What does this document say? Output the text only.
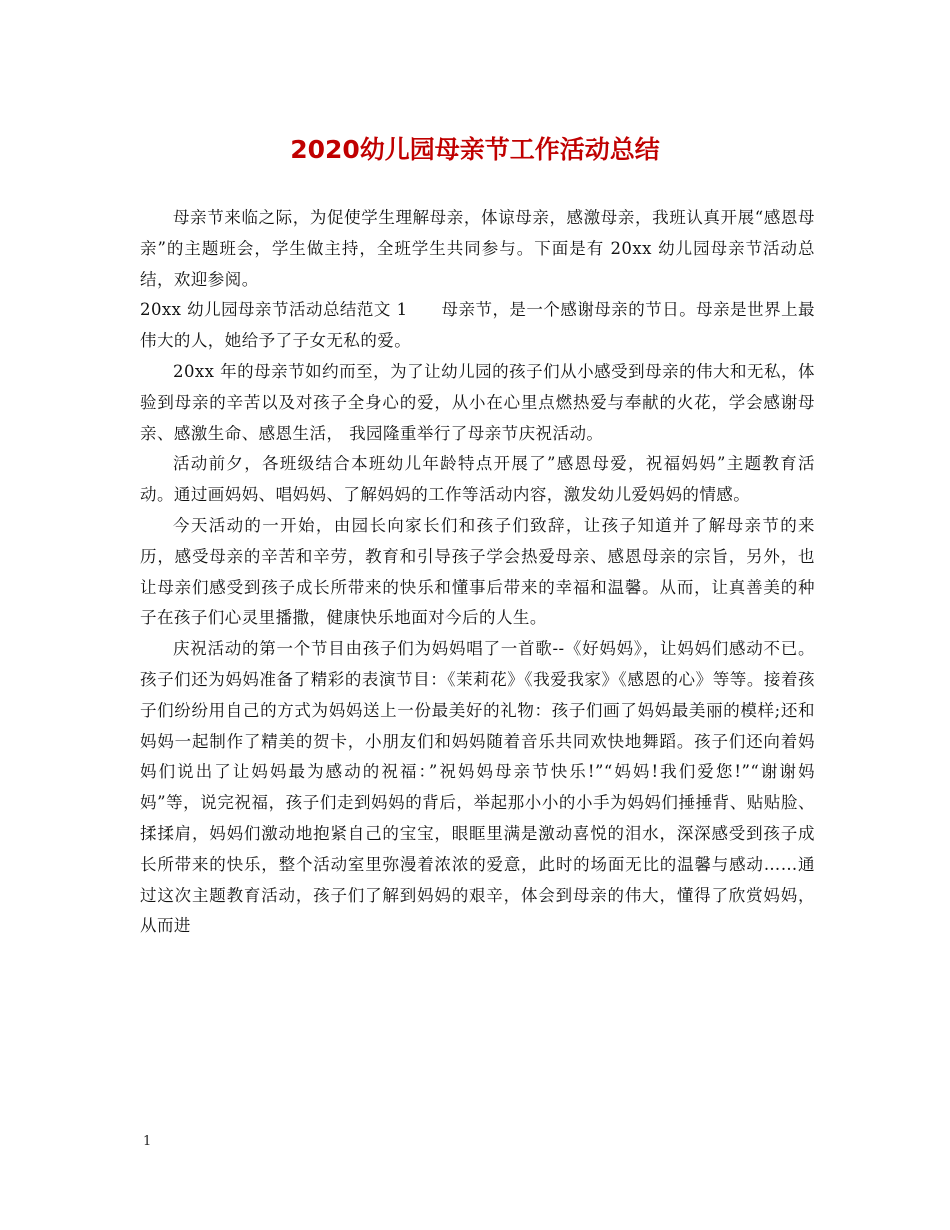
2020幼儿园母亲节工作活动总结

母亲节来临之际，为促使学生理解母亲，体谅母亲，感激母亲，我班认真开展“感恩母亲”的主题班会，学生做主持，全班学生共同参与。下面是有 20xx 幼儿园母亲节活动总结，欢迎参阅。

20xx 幼儿园母亲节活动总结范文 1　　母亲节，是一个感谢母亲的节日。母亲是世界上最伟大的人，她给予了子女无私的爱。

20xx 年的母亲节如约而至，为了让幼儿园的孩子们从小感受到母亲的伟大和无私，体验到母亲的辛苦以及对孩子全身心的爱，从小在心里点燃热爱与奉献的火花，学会感谢母亲、感激生命、感恩生活， 我园隆重举行了母亲节庆祝活动。

活动前夕，各班级结合本班幼儿年龄特点开展了”感恩母爱，祝福妈妈”主题教育活动。通过画妈妈、唱妈妈、了解妈妈的工作等活动内容，激发幼儿爱妈妈的情感。

今天活动的一开始，由园长向家长们和孩子们致辞，让孩子知道并了解母亲节的来历，感受母亲的辛苦和辛劳，教育和引导孩子学会热爱母亲、感恩母亲的宗旨，另外，也让母亲们感受到孩子成长所带来的快乐和懂事后带来的幸福和温馨。从而，让真善美的种子在孩子们心灵里播撒，健康快乐地面对今后的人生。

庆祝活动的第一个节目由孩子们为妈妈唱了一首歌--《好妈妈》，让妈妈们感动不已。孩子们还为妈妈准备了精彩的表演节目：《茉莉花》《我爱我家》《感恩的心》等等。接着孩子们纷纷用自己的方式为妈妈送上一份最美好的礼物：孩子们画了妈妈最美丽的模样;还和妈妈一起制作了精美的贺卡，小朋友们和妈妈随着音乐共同欢快地舞蹈。孩子们还向着妈妈们说出了让妈妈最为感动的祝福：”祝妈妈母亲节快乐!”“妈妈!我们爱您!”“谢谢妈妈”等，说完祝福，孩子们走到妈妈的背后，举起那小小的小手为妈妈们捶捶背、贴贴脸、揉揉肩，妈妈们激动地抱紧自己的宝宝，眼眶里满是激动喜悦的泪水，深深感受到孩子成长所带来的快乐，整个活动室里弥漫着浓浓的爱意，此时的场面无比的温馨与感动……通过这次主题教育活动，孩子们了解到妈妈的艰辛，体会到母亲的伟大，懂得了欣赏妈妈，从而进

1
